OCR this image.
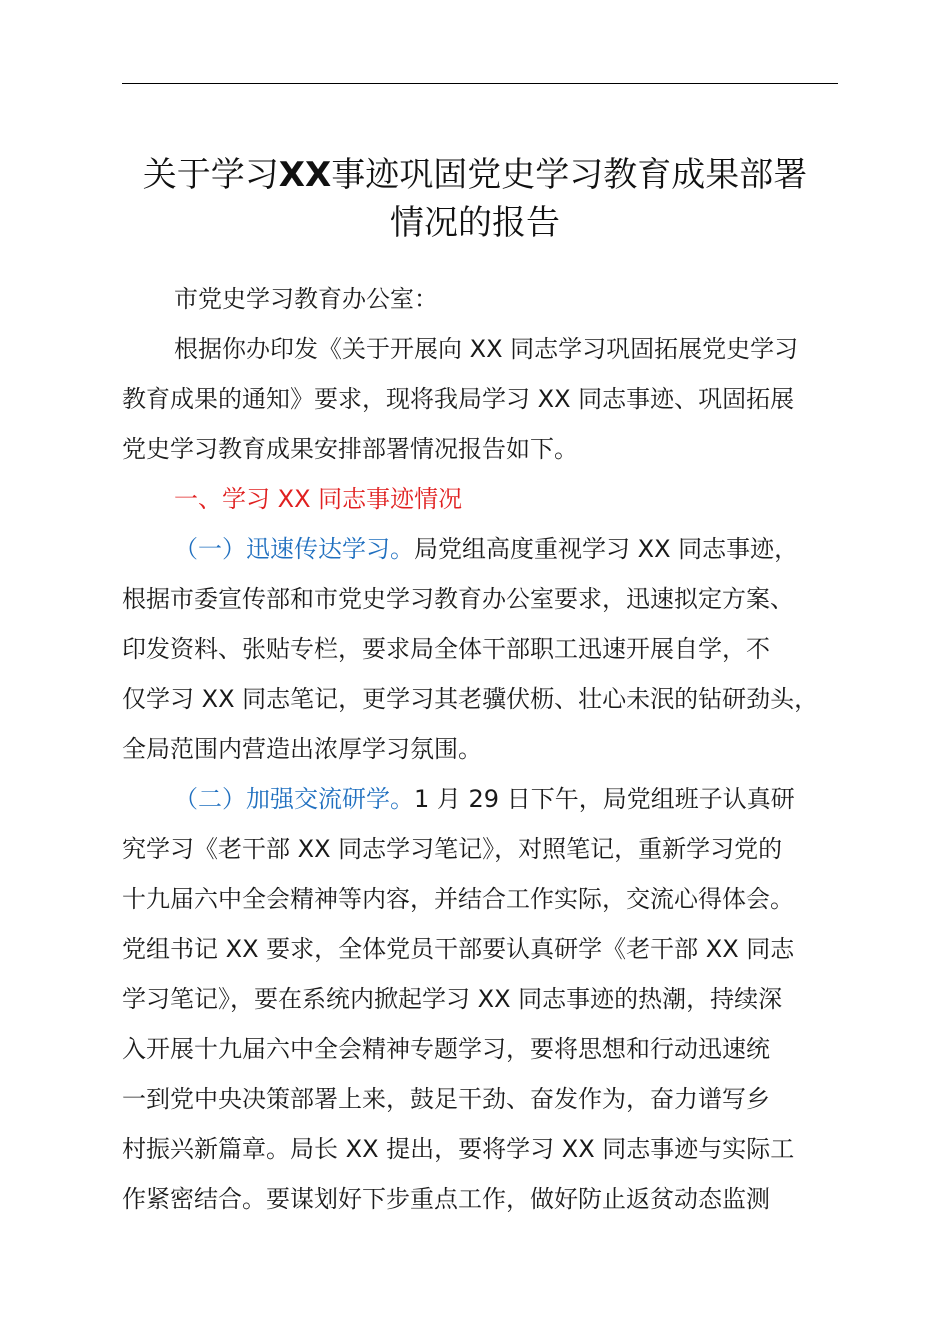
关于学习XX事迹巩固党史学习教育成果部署
情况的报告
市党史学习教育办公室：
根据你办印发《关于开展向 XX 同志学习巩固拓展党史学习
教育成果的通知》要求，现将我局学习 XX 同志事迹、巩固拓展
党史学习教育成果安排部署情况报告如下。
一、学习 XX 同志事迹情况
（一）迅速传达学习。局党组高度重视学习 XX 同志事迹，
根据市委宣传部和市党史学习教育办公室要求，迅速拟定方案、
印发资料、张贴专栏，要求局全体干部职工迅速开展自学，不
仅学习 XX 同志笔记，更学习其老骥伏枥、壮心未泯的钻研劲头，
全局范围内营造出浓厚学习氛围。
（二）加强交流研学。1 月 29 日下午，局党组班子认真研
究学习《老干部 XX 同志学习笔记》，对照笔记，重新学习党的
十九届六中全会精神等内容，并结合工作实际，交流心得体会。
党组书记 XX 要求，全体党员干部要认真研学《老干部 XX 同志
学习笔记》，要在系统内掀起学习 XX 同志事迹的热潮，持续深
入开展十九届六中全会精神专题学习，要将思想和行动迅速统
一到党中央决策部署上来，鼓足干劲、奋发作为，奋力谱写乡
村振兴新篇章。局长 XX 提出，要将学习 XX 同志事迹与实际工
作紧密结合。要谋划好下步重点工作，做好防止返贫动态监测
